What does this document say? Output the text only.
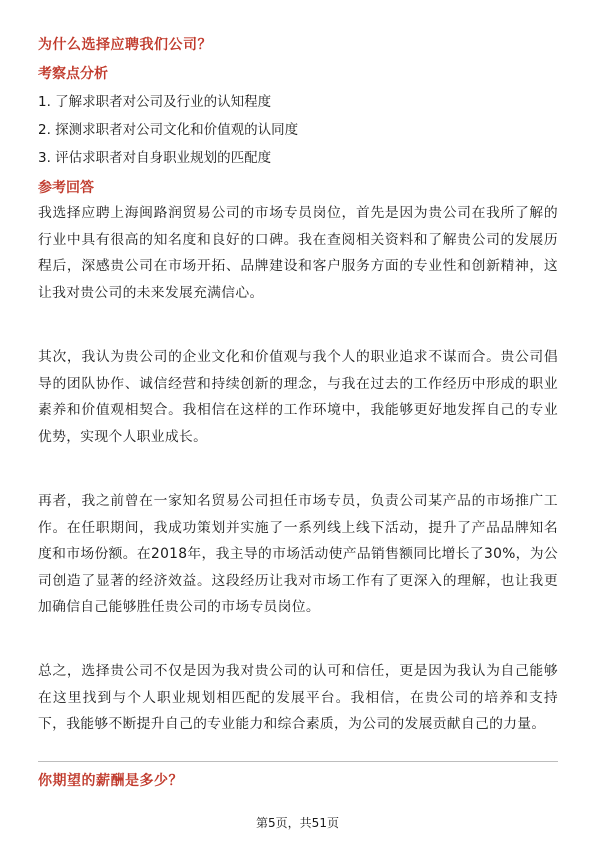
为什么选择应聘我们公司？
考察点分析
1. 了解求职者对公司及行业的认知程度
2. 探测求职者对公司文化和价值观的认同度
3. 评估求职者对自身职业规划的匹配度
参考回答
我选择应聘上海闽路润贸易公司的市场专员岗位，首先是因为贵公司在我所了解的行业中具有很高的知名度和良好的口碑。我在查阅相关资料和了解贵公司的发展历程后，深感贵公司在市场开拓、品牌建设和客户服务方面的专业性和创新精神，这让我对贵公司的未来发展充满信心。
其次，我认为贵公司的企业文化和价值观与我个人的职业追求不谋而合。贵公司倡导的团队协作、诚信经营和持续创新的理念，与我在过去的工作经历中形成的职业素养和价值观相契合。我相信在这样的工作环境中，我能够更好地发挥自己的专业优势，实现个人职业成长。
再者，我之前曾在一家知名贸易公司担任市场专员，负责公司某产品的市场推广工作。在任职期间，我成功策划并实施了一系列线上线下活动，提升了产品品牌知名度和市场份额。在2018年，我主导的市场活动使产品销售额同比增长了30%，为公司创造了显著的经济效益。这段经历让我对市场工作有了更深入的理解，也让我更加确信自己能够胜任贵公司的市场专员岗位。
总之，选择贵公司不仅是因为我对贵公司的认可和信任，更是因为我认为自己能够在这里找到与个人职业规划相匹配的发展平台。我相信，在贵公司的培养和支持下，我能够不断提升自己的专业能力和综合素质，为公司的发展贡献自己的力量。
你期望的薪酬是多少？
第5页，共51页
